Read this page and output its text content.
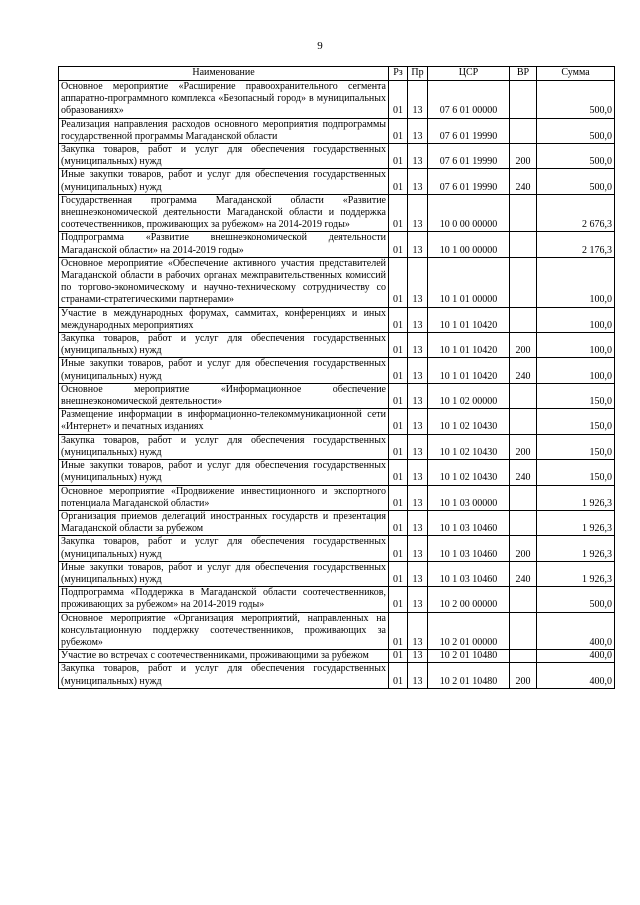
9
Наименование	Рз	Пр	ЦСР	ВР	Сумма
Основное мероприятие «Расширение правоохранительного сегмента аппаратно-программного комплекса «Безопасный город» в муниципальных образованиях»	01	13	07 6 01 00000		500,0
Реализация направления расходов основного мероприятия подпрограммы государственной программы Магаданской области	01	13	07 6 01 19990		500,0
Закупка товаров, работ и услуг для обеспечения государственных (муниципальных) нужд	01	13	07 6 01 19990	200	500,0
Иные закупки товаров, работ и услуг для обеспечения государственных (муниципальных) нужд	01	13	07 6 01 19990	240	500,0
Государственная программа Магаданской области «Развитие внешнеэкономической деятельности Магаданской области и поддержка соотечественников, проживающих за рубежом» на 2014-2019 годы»	01	13	10 0 00 00000		2 676,3
Подпрограмма «Развитие внешнеэкономической деятельности Магаданской области» на 2014-2019 годы»	01	13	10 1 00 00000		2 176,3
Основное мероприятие «Обеспечение активного участия представителей Магаданской области в рабочих органах межправительственных комиссий по торгово-экономическому и научно-техническому сотрудничеству со странами-стратегическими партнерами»	01	13	10 1 01 00000		100,0
Участие в международных форумах, саммитах, конференциях и иных международных мероприятиях	01	13	10 1 01 10420		100,0
Закупка товаров, работ и услуг для обеспечения государственных (муниципальных) нужд	01	13	10 1 01 10420	200	100,0
Иные закупки товаров, работ и услуг для обеспечения государственных (муниципальных) нужд	01	13	10 1 01 10420	240	100,0
Основное мероприятие «Информационное обеспечение внешнеэкономической деятельности»	01	13	10 1 02 00000		150,0
Размещение информации в информационно-телекоммуникационной сети «Интернет» и печатных изданиях	01	13	10 1 02 10430		150,0
Закупка товаров, работ и услуг для обеспечения государственных (муниципальных) нужд	01	13	10 1 02 10430	200	150,0
Иные закупки товаров, работ и услуг для обеспечения государственных (муниципальных) нужд	01	13	10 1 02 10430	240	150,0
Основное мероприятие «Продвижение инвестиционного и экспортного потенциала Магаданской области»	01	13	10 1 03 00000		1 926,3
Организация приемов делегаций иностранных государств и презентация Магаданской области за рубежом	01	13	10 1 03 10460		1 926,3
Закупка товаров, работ и услуг для обеспечения государственных (муниципальных) нужд	01	13	10 1 03 10460	200	1 926,3
Иные закупки товаров, работ и услуг для обеспечения государственных (муниципальных) нужд	01	13	10 1 03 10460	240	1 926,3
Подпрограмма «Поддержка в Магаданской области соотечественников, проживающих за рубежом» на 2014-2019 годы»	01	13	10 2 00 00000		500,0
Основное мероприятие «Организация мероприятий, направленных на консультационную поддержку соотечественников, проживающих за рубежом»	01	13	10 2 01 00000		400,0
Участие во встречах с соотечественниками, проживающими за рубежом	01	13	10 2 01 10480		400,0
Закупка товаров, работ и услуг для обеспечения государственных (муниципальных) нужд	01	13	10 2 01 10480	200	400,0
